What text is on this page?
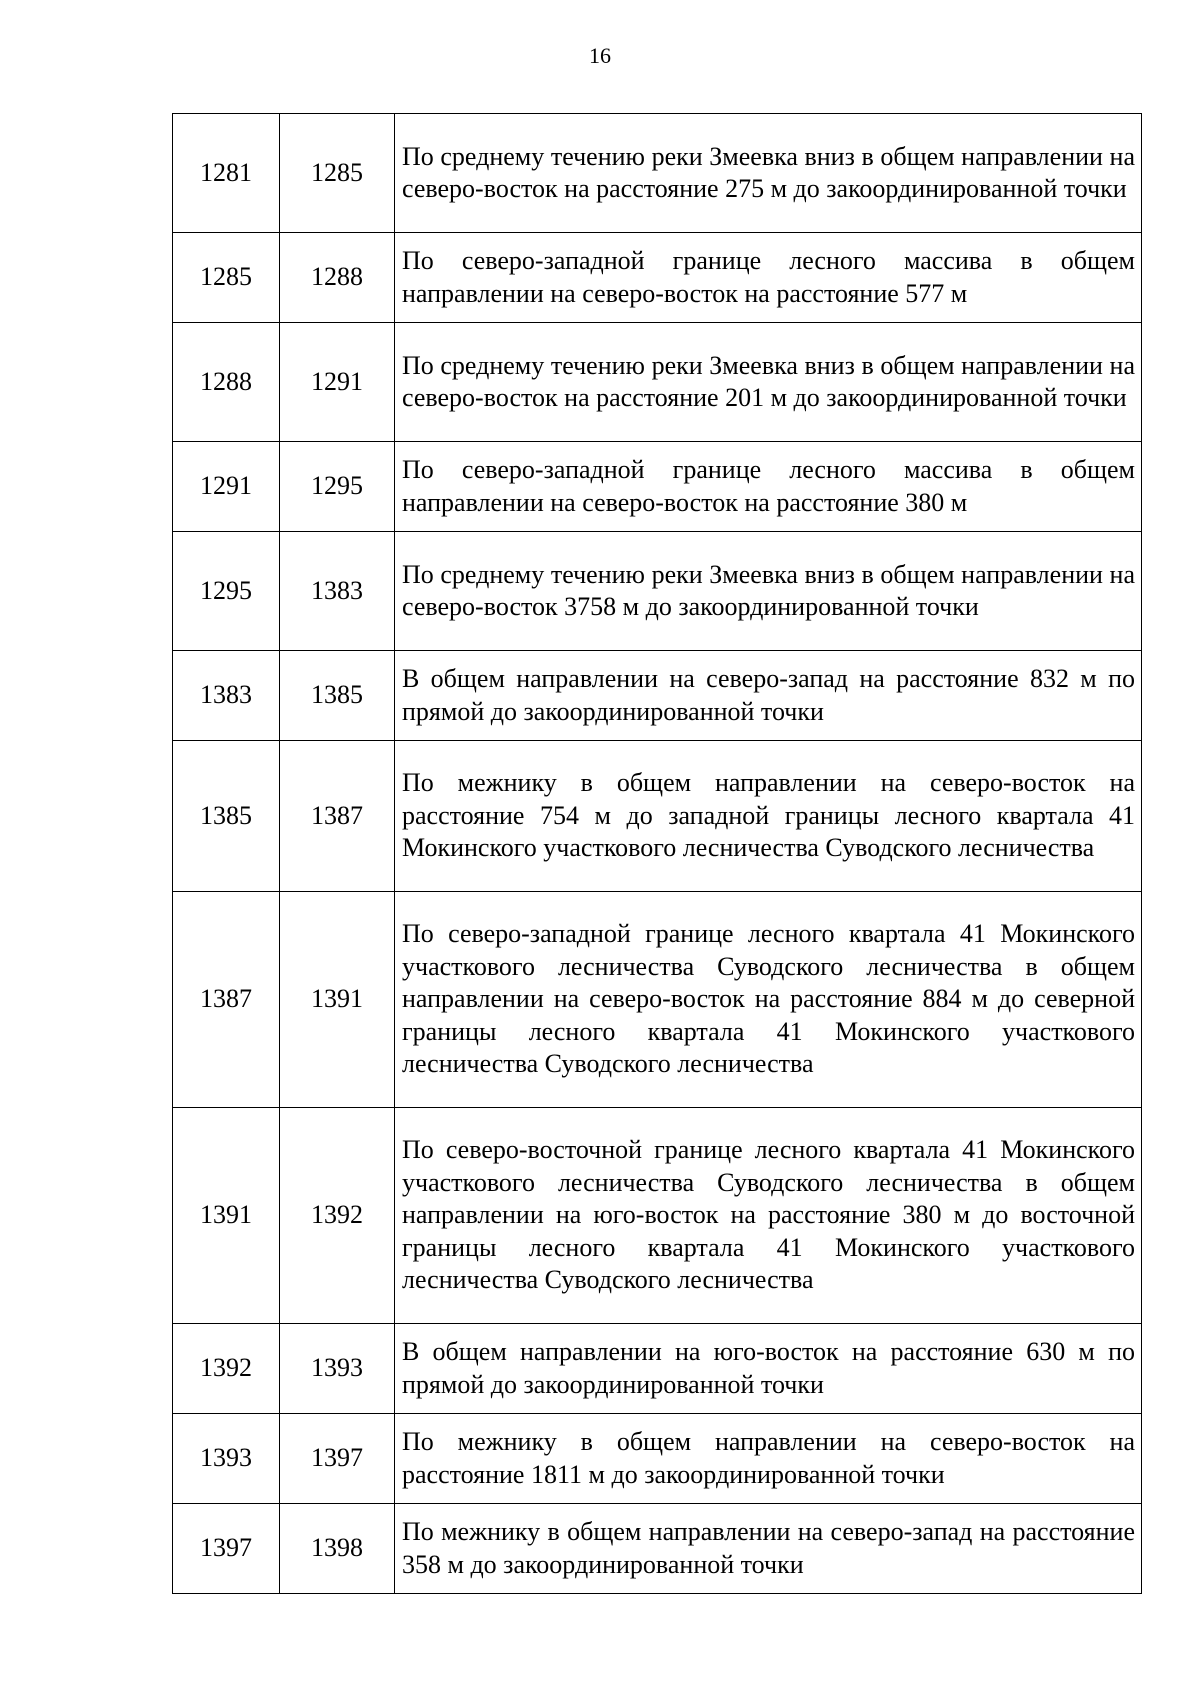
16
1281	1285	По среднему течению реки Змеевка вниз в общем направлении на северо-восток на расстояние 275 м до закоординированной точки
1285	1288	По северо-западной границе лесного массива в общем направлении на северо-восток на расстояние 577 м
1288	1291	По среднему течению реки Змеевка вниз в общем направлении на северо-восток на расстояние 201 м до закоординированной точки
1291	1295	По северо-западной границе лесного массива в общем направлении на северо-восток на расстояние 380 м
1295	1383	По среднему течению реки Змеевка вниз в общем направлении на северо-восток 3758 м до закоординированной точки
1383	1385	В общем направлении на северо-запад на расстояние 832 м по прямой до закоординированной точки
1385	1387	По межнику в общем направлении на северо-восток на расстояние 754 м до западной границы лесного квартала 41 Мокинского участкового лесничества Суводского лесничества
1387	1391	По северо-западной границе лесного квартала 41 Мокинского участкового лесничества Суводского лесничества в общем направлении на северо-восток на расстояние 884 м до северной границы лесного квартала 41 Мокинского участкового лесничества Суводского лесничества
1391	1392	По северо-восточной границе лесного квартала 41 Мокинского участкового лесничества Суводского лесничества в общем направлении на юго-восток на расстояние 380 м до восточной границы лесного квартала 41 Мокинского участкового лесничества Суводского лесничества
1392	1393	В общем направлении на юго-восток на расстояние 630 м по прямой до закоординированной точки
1393	1397	По межнику в общем направлении на северо-восток на расстояние 1811 м до закоординированной точки
1397	1398	По межнику в общем направлении на северо-запад на расстояние 358 м до закоординированной точки
